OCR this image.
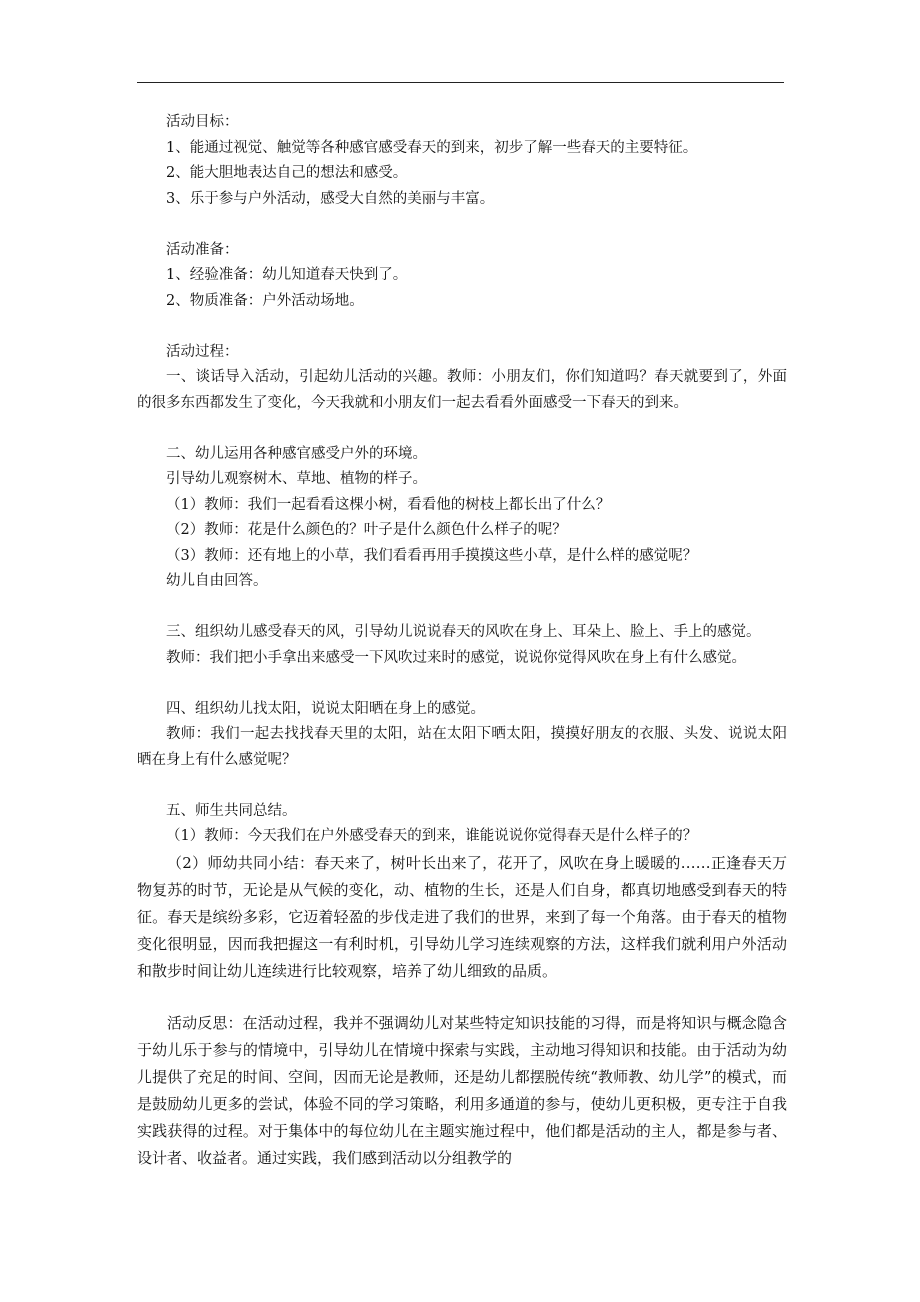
活动目标：

1、能通过视觉、触觉等各种感官感受春天的到来，初步了解一些春天的主要特征。

2、能大胆地表达自己的想法和感受。

3、乐于参与户外活动，感受大自然的美丽与丰富。

活动准备：

1、经验准备：幼儿知道春天快到了。

2、物质准备：户外活动场地。

活动过程：

一、谈话导入活动，引起幼儿活动的兴趣。教师：小朋友们，你们知道吗？春天就要到了，外面的很多东西都发生了变化，今天我就和小朋友们一起去看看外面感受一下春天的到来。

二、幼儿运用各种感官感受户外的环境。

引导幼儿观察树木、草地、植物的样子。

（1）教师：我们一起看看这棵小树，看看他的树枝上都长出了什么？

（2）教师：花是什么颜色的？叶子是什么颜色什么样子的呢？

（3）教师：还有地上的小草，我们看看再用手摸摸这些小草，是什么样的感觉呢？

幼儿自由回答。

三、组织幼儿感受春天的风，引导幼儿说说春天的风吹在身上、耳朵上、脸上、手上的感觉。

教师：我们把小手拿出来感受一下风吹过来时的感觉，说说你觉得风吹在身上有什么感觉。

四、组织幼儿找太阳，说说太阳晒在身上的感觉。

教师：我们一起去找找春天里的太阳，站在太阳下晒太阳，摸摸好朋友的衣服、头发、说说太阳晒在身上有什么感觉呢？

五、师生共同总结。

（1）教师：今天我们在户外感受春天的到来，谁能说说你觉得春天是什么样子的？

（2）师幼共同小结：春天来了，树叶长出来了，花开了，风吹在身上暖暖的……正逢春天万物复苏的时节，无论是从气候的变化，动、植物的生长，还是人们自身，都真切地感受到春天的特征。春天是缤纷多彩，它迈着轻盈的步伐走进了我们的世界，来到了每一个角落。由于春天的植物变化很明显，因而我把握这一有利时机，引导幼儿学习连续观察的方法，这样我们就利用户外活动和散步时间让幼儿连续进行比较观察，培养了幼儿细致的品质。

活动反思：在活动过程，我并不强调幼儿对某些特定知识技能的习得，而是将知识与概念隐含于幼儿乐于参与的情境中，引导幼儿在情境中探索与实践，主动地习得知识和技能。由于活动为幼儿提供了充足的时间、空间，因而无论是教师，还是幼儿都摆脱传统“教师教、幼儿学”的模式，而是鼓励幼儿更多的尝试，体验不同的学习策略，利用多通道的参与，使幼儿更积极，更专注于自我实践获得的过程。对于集体中的每位幼儿在主题实施过程中，他们都是活动的主人，都是参与者、设计者、收益者。通过实践，我们感到活动以分组教学的
